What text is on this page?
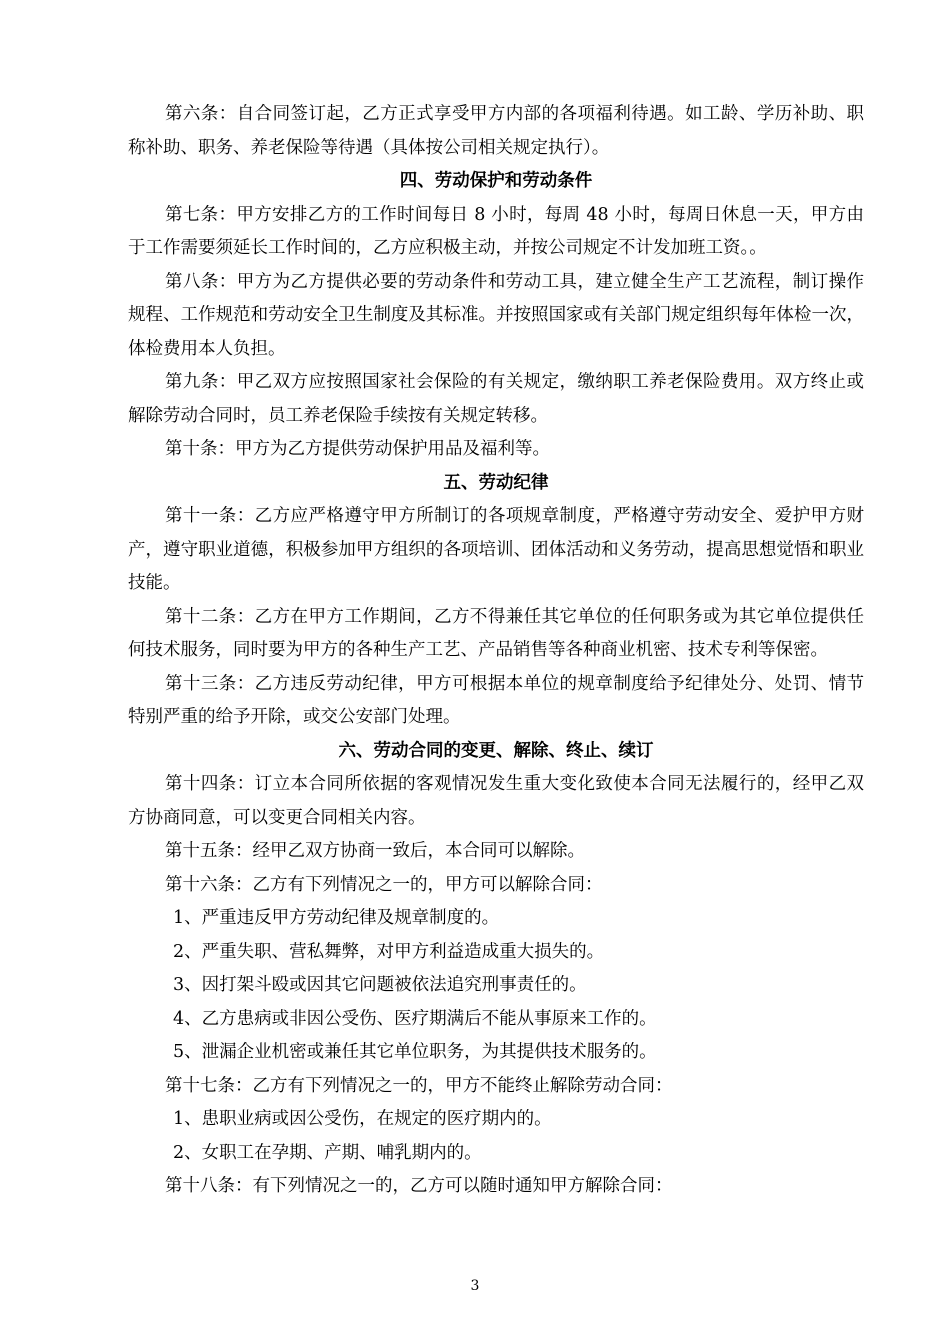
第六条：自合同签订起，乙方正式享受甲方内部的各项福利待遇。如工龄、学历补助、职称补助、职务、养老保险等待遇（具体按公司相关规定执行）。

四、劳动保护和劳动条件

第七条：甲方安排乙方的工作时间每日 8 小时，每周 48 小时，每周日休息一天，甲方由于工作需要须延长工作时间的，乙方应积极主动，并按公司规定不计发加班工资。。

第八条：甲方为乙方提供必要的劳动条件和劳动工具，建立健全生产工艺流程，制订操作规程、工作规范和劳动安全卫生制度及其标准。并按照国家或有关部门规定组织每年体检一次，体检费用本人负担。

第九条：甲乙双方应按照国家社会保险的有关规定，缴纳职工养老保险费用。双方终止或解除劳动合同时，员工养老保险手续按有关规定转移。

第十条：甲方为乙方提供劳动保护用品及福利等。

五、劳动纪律

第十一条：乙方应严格遵守甲方所制订的各项规章制度，严格遵守劳动安全、爱护甲方财产，遵守职业道德，积极参加甲方组织的各项培训、团体活动和义务劳动，提高思想觉悟和职业技能。

第十二条：乙方在甲方工作期间，乙方不得兼任其它单位的任何职务或为其它单位提供任何技术服务，同时要为甲方的各种生产工艺、产品销售等各种商业机密、技术专利等保密。

第十三条：乙方违反劳动纪律，甲方可根据本单位的规章制度给予纪律处分、处罚、情节特别严重的给予开除，或交公安部门处理。

六、劳动合同的变更、解除、终止、续订

第十四条：订立本合同所依据的客观情况发生重大变化致使本合同无法履行的，经甲乙双方协商同意，可以变更合同相关内容。

第十五条：经甲乙双方协商一致后，本合同可以解除。

第十六条：乙方有下列情况之一的，甲方可以解除合同：

1、严重违反甲方劳动纪律及规章制度的。

2、严重失职、营私舞弊，对甲方利益造成重大损失的。

3、因打架斗殴或因其它问题被依法追究刑事责任的。

4、乙方患病或非因公受伤、医疗期满后不能从事原来工作的。

5、泄漏企业机密或兼任其它单位职务，为其提供技术服务的。

第十七条：乙方有下列情况之一的，甲方不能终止解除劳动合同：

1、患职业病或因公受伤，在规定的医疗期内的。

2、女职工在孕期、产期、哺乳期内的。

第十八条：有下列情况之一的，乙方可以随时通知甲方解除合同：

3
